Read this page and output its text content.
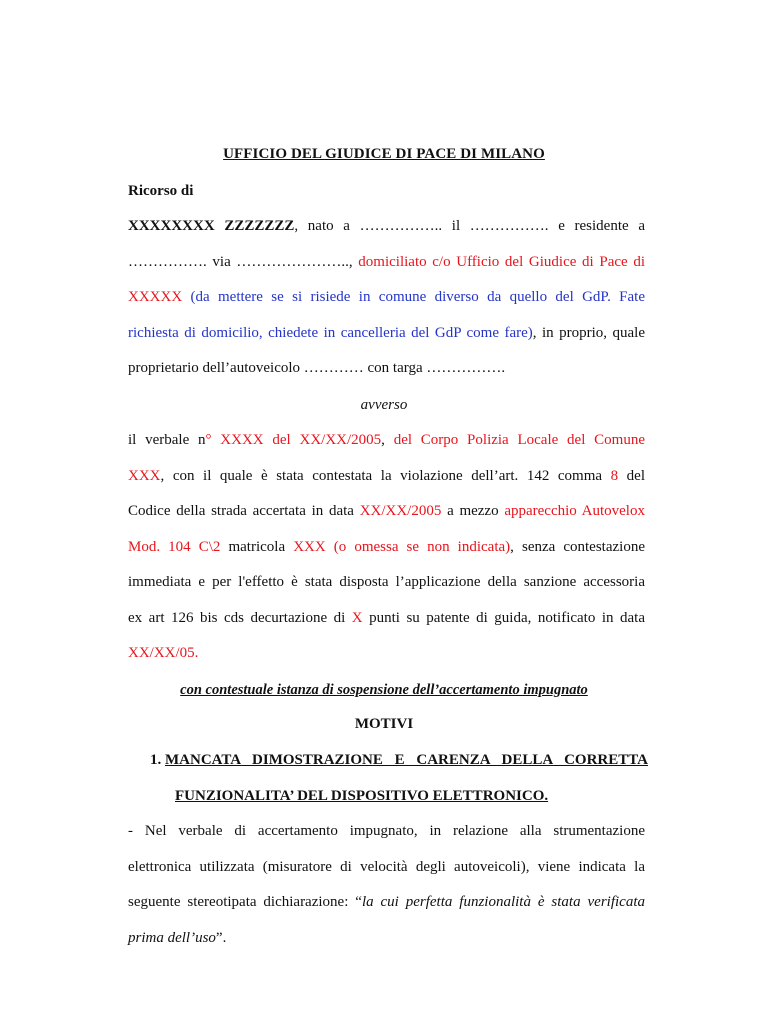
UFFICIO DEL GIUDICE DI PACE DI MILANO
Ricorso di
XXXXXXXX ZZZZZZZ, nato a …………….. il ……………. e residente a
……………. via ………………….., domiciliato c/o Ufficio del Giudice di Pace di
XXXXX (da mettere se si risiede in comune diverso da quello del GdP. Fate
richiesta di domicilio, chiedete in cancelleria del GdP come fare), in proprio, quale
proprietario dell’autoveicolo ………… con targa …………….
avverso
il verbale n° XXXX del XX/XX/2005, del Corpo Polizia Locale del Comune
XXX, con il quale è stata contestata la violazione dell’art. 142 comma 8 del
Codice della strada accertata in data XX/XX/2005 a mezzo apparecchio Autovelox
Mod. 104 C\2 matricola XXX (o omessa se non indicata), senza contestazione
immediata e per l'effetto è stata disposta l’applicazione della sanzione accessoria
ex art 126 bis cds decurtazione di X punti su patente di guida, notificato in data
XX/XX/05.
con contestuale istanza di sospensione dell’accertamento impugnato
MOTIVI
1. MANCATA DIMOSTRAZIONE E CARENZA DELLA CORRETTA
FUNZIONALITA’ DEL DISPOSITIVO ELETTRONICO.
- Nel verbale di accertamento impugnato, in relazione alla strumentazione
elettronica utilizzata (misuratore di velocità degli autoveicoli), viene indicata la
seguente stereotipata dichiarazione: “la cui perfetta funzionalità è stata verificata
prima dell’uso”.
